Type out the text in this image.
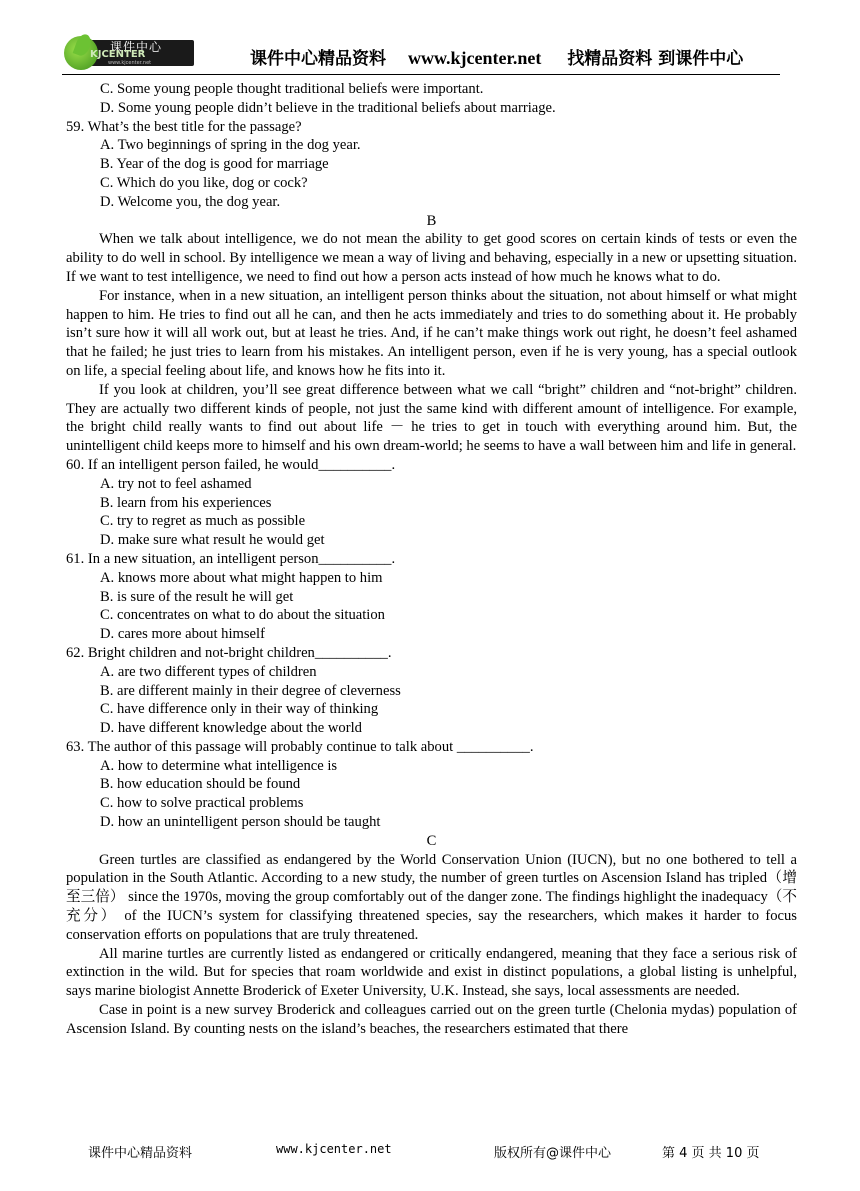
课件中心
KJCENTER
www.kjcenter.net	课件中心精品资料 www.kjcenter.net 找精品资料 到课件中心

C. Some young people thought traditional beliefs were important.

D. Some young people didn’t believe in the traditional beliefs about marriage.

59. What’s the best title for the passage?

A. Two beginnings of spring in the dog year.

B. Year of the dog is good for marriage

C. Which do you like, dog or cock?

D. Welcome you, the dog year.

B

When we talk about intelligence, we do not mean the ability to get good scores on certain kinds of tests or even the ability to do well in school. By intelligence we mean a way of living and behaving, especially in a new or upsetting situation. If we want to test intelligence, we need to find out how a person acts instead of how much he knows what to do.

For instance, when in a new situation, an intelligent person thinks about the situation, not about himself or what might happen to him. He tries to find out all he can, and then he acts immediately and tries to do something about it. He probably isn’t sure how it will all work out, but at least he tries. And, if he can’t make things work out right, he doesn’t feel ashamed that he failed; he just tries to learn from his mistakes. An intelligent person, even if he is very young, has a special outlook on life, a special feeling about life, and knows how he fits into it.

If you look at children, you’ll see great difference between what we call “bright” children and “not-bright” children. They are actually two different kinds of people, not just the same kind with different amount of intelligence. For example, the bright child really wants to find out about life － he tries to get in touch with everything around him. But, the unintelligent child keeps more to himself and his own dream-world; he seems to have a wall between him and life in general.

60. If an intelligent person failed, he would__________.

A. try not to feel ashamed

B. learn from his experiences

C. try to regret as much as possible

D. make sure what result he would get

61. In a new situation, an intelligent person__________.

A. knows more about what might happen to him

B. is sure of the result he will get

C. concentrates on what to do about the situation

D. cares more about himself

62. Bright children and not-bright children__________.

A. are two different types of children

B. are different mainly in their degree of cleverness

C. have difference only in their way of thinking

D. have different knowledge about the world

63. The author of this passage will probably continue to talk about __________.

A. how to determine what intelligence is

B. how education should be found

C. how to solve practical problems

D. how an unintelligent person should be taught

C

Green turtles are classified as endangered by the World Conservation Union (IUCN), but no one bothered to tell a population in the South Atlantic. According to a new study, the number of green turtles on Ascension Island has tripled（增至三倍） since the 1970s, moving the group comfortably out of the danger zone. The findings highlight the inadequacy（不充分） of the IUCN’s system for classifying threatened species, say the researchers, which makes it harder to focus conservation efforts on populations that are truly threatened.

All marine turtles are currently listed as endangered or critically endangered, meaning that they face a serious risk of extinction in the wild. But for species that roam worldwide and exist in distinct populations, a global listing is unhelpful, says marine biologist Annette Broderick of Exeter University, U.K. Instead, she says, local assessments are needed.

Case in point is a new survey Broderick and colleagues carried out on the green turtle (Chelonia mydas) population of Ascension Island. By counting nests on the island’s beaches, the researchers estimated that there

课件中心精品资料	www.kjcenter.net	版权所有@课件中心	第 4 页 共 10 页
